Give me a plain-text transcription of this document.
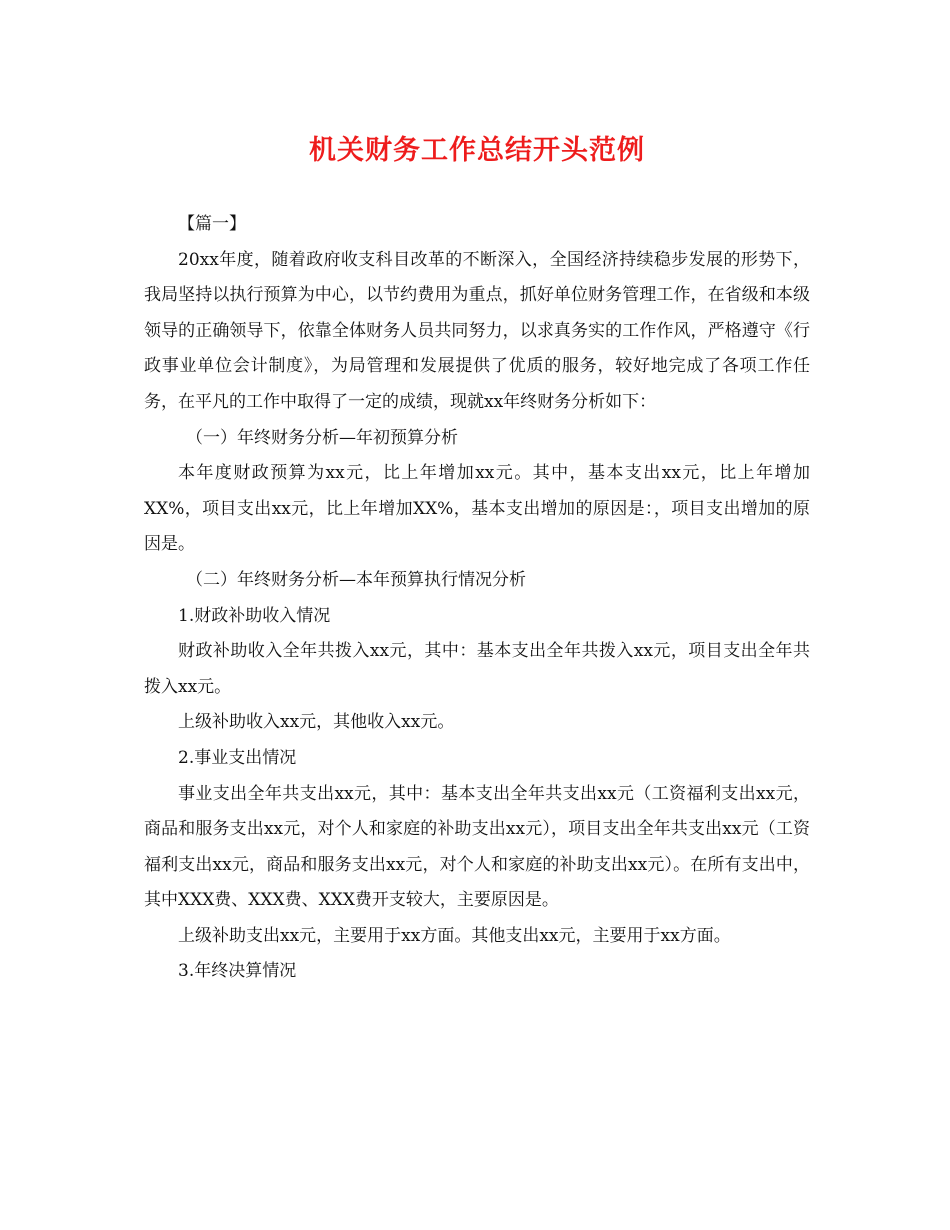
机关财务工作总结开头范例

【篇一】

20xx年度，随着政府收支科目改革的不断深入，全国经济持续稳步发展的形势下，我局坚持以执行预算为中心，以节约费用为重点，抓好单位财务管理工作，在省级和本级领导的正确领导下，依靠全体财务人员共同努力，以求真务实的工作作风，严格遵守《行政事业单位会计制度》，为局管理和发展提供了优质的服务，较好地完成了各项工作任务，在平凡的工作中取得了一定的成绩，现就xx年终财务分析如下：

（一）年终财务分析—年初预算分析

本年度财政预算为xx元，比上年增加xx元。其中，基本支出xx元，比上年增加XX%，项目支出xx元，比上年增加XX%，基本支出增加的原因是：，项目支出增加的原因是。

（二）年终财务分析—本年预算执行情况分析

1.财政补助收入情况

财政补助收入全年共拨入xx元，其中：基本支出全年共拨入xx元，项目支出全年共拨入xx元。

上级补助收入xx元，其他收入xx元。

2.事业支出情况

事业支出全年共支出xx元，其中：基本支出全年共支出xx元（工资福利支出xx元，商品和服务支出xx元，对个人和家庭的补助支出xx元），项目支出全年共支出xx元（工资福利支出xx元，商品和服务支出xx元，对个人和家庭的补助支出xx元）。在所有支出中，其中XXX费、XXX费、XXX费开支较大，主要原因是。

上级补助支出xx元，主要用于xx方面。其他支出xx元，主要用于xx方面。

3.年终决算情况
